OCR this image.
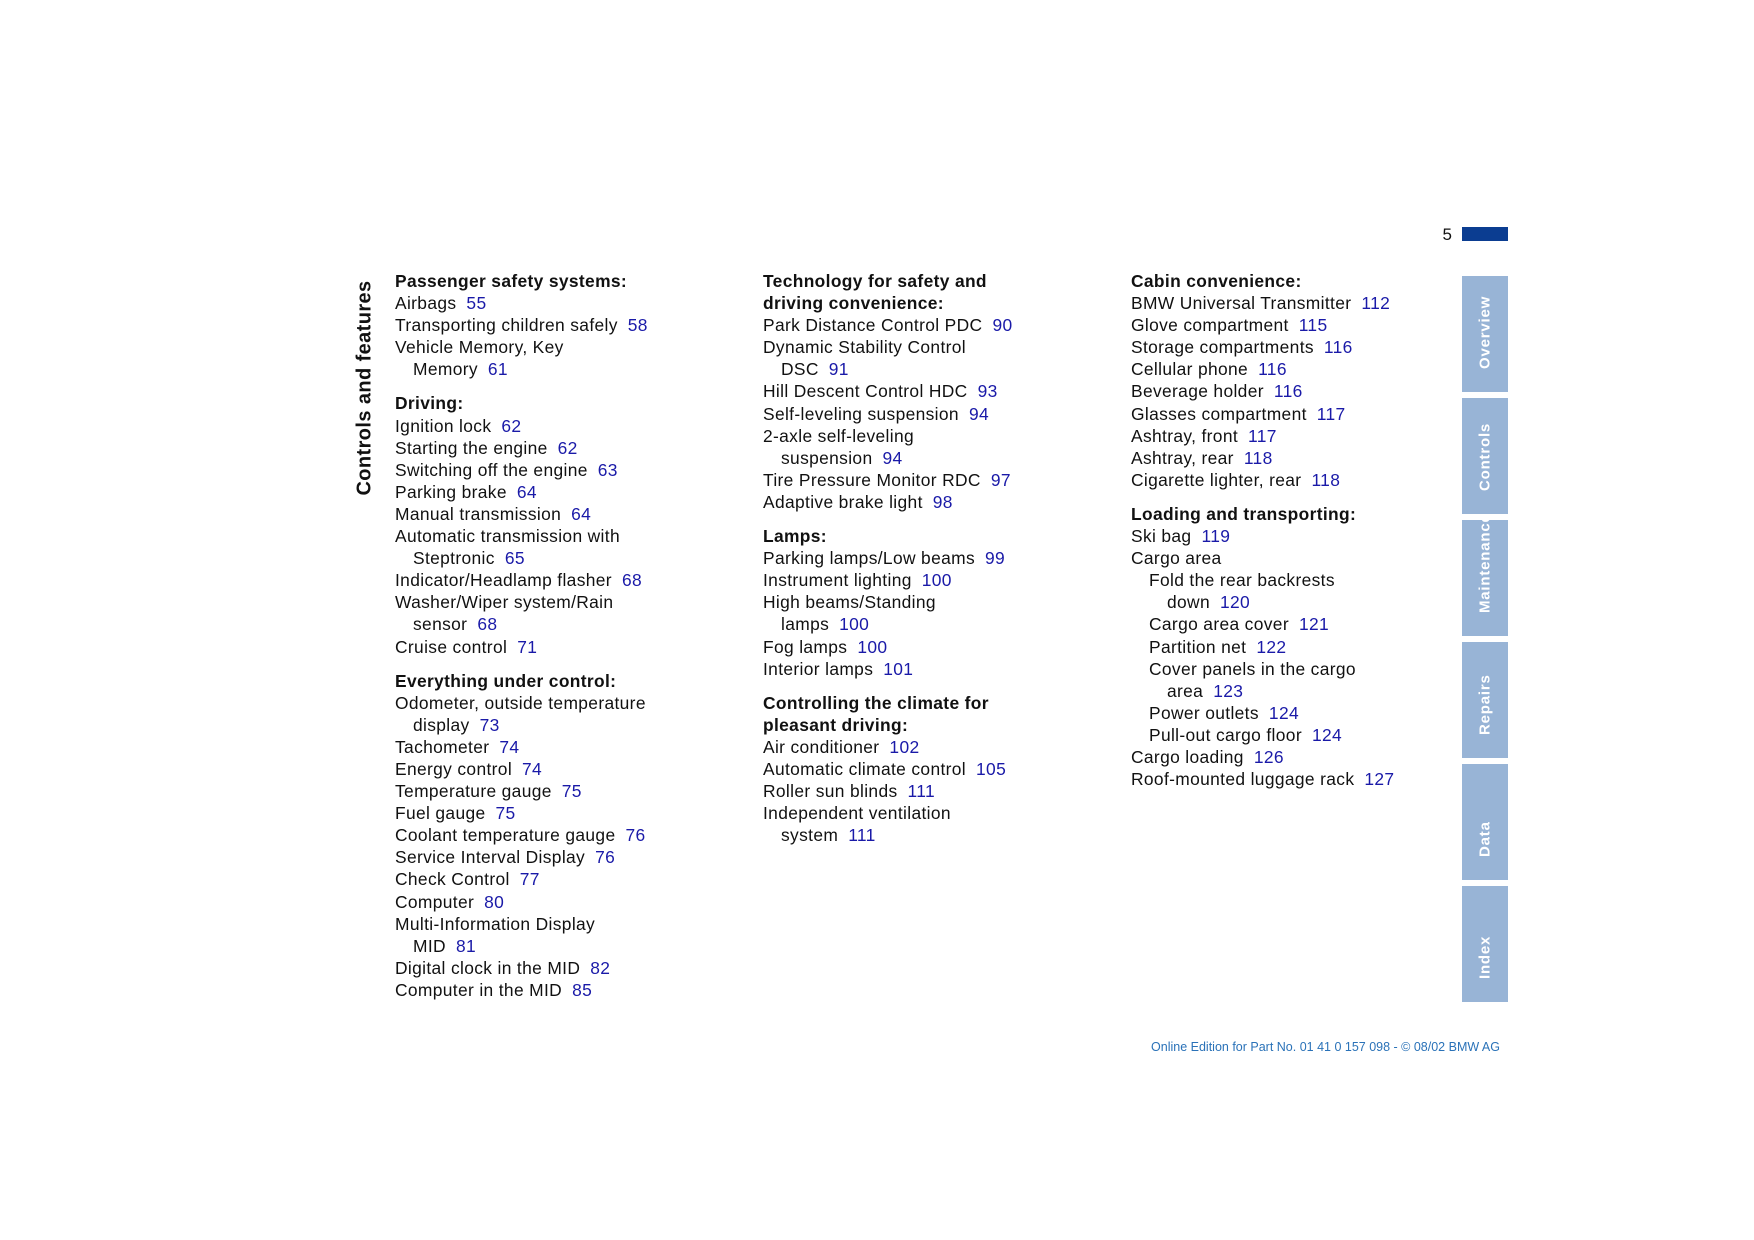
5
Controls and features Passenger safety systems:
Airbags 55
Transporting children safely 58
Vehicle Memory, Key Memory 61
Driving:
Ignition lock 62
Starting the engine 62
Switching off the engine 63
Parking brake 64
Manual transmission 64
Automatic transmission with Steptronic 65
Indicator/Headlamp flasher 68
Washer/Wiper system/Rain sensor 68
Cruise control 71
Everything under control:
Odometer, outside temperature display 73
Tachometer 74
Energy control 74
Temperature gauge 75
Fuel gauge 75
Coolant temperature gauge 76
Service Interval Display 76
Check Control 77
Computer 80
Multi-Information Display MID 81
Digital clock in the MID 82
Computer in the MID 85
Technology for safety and driving convenience:
Park Distance Control PDC 90
Dynamic Stability Control DSC 91
Hill Descent Control HDC 93
Self-leveling suspension 94
2-axle self-leveling suspension 94
Tire Pressure Monitor RDC 97
Adaptive brake light 98
Lamps:
Parking lamps/Low beams 99
Instrument lighting 100
High beams/Standing lamps 100
Fog lamps 100
Interior lamps 101
Controlling the climate for pleasant driving:
Air conditioner 102
Automatic climate control 105
Roller sun blinds 111
Independent ventilation system 111
Cabin convenience:
BMW Universal Transmitter 112
Glove compartment 115
Storage compartments 116
Cellular phone 116
Beverage holder 116
Glasses compartment 117
Ashtray, front 117
Ashtray, rear 118
Cigarette lighter, rear 118
Loading and transporting:
Ski bag 119
Cargo area
Fold the rear backrests down 120
Cargo area cover 121
Partition net 122
Cover panels in the cargo area 123
Power outlets 124
Pull-out cargo floor 124
Cargo loading 126
Roof-mounted luggage rack 127
Overview
Controls
Maintenance
Repairs
Data
Index
Online Edition for Part No. 01 41 0 157 098 - © 08/02 BMW AG
